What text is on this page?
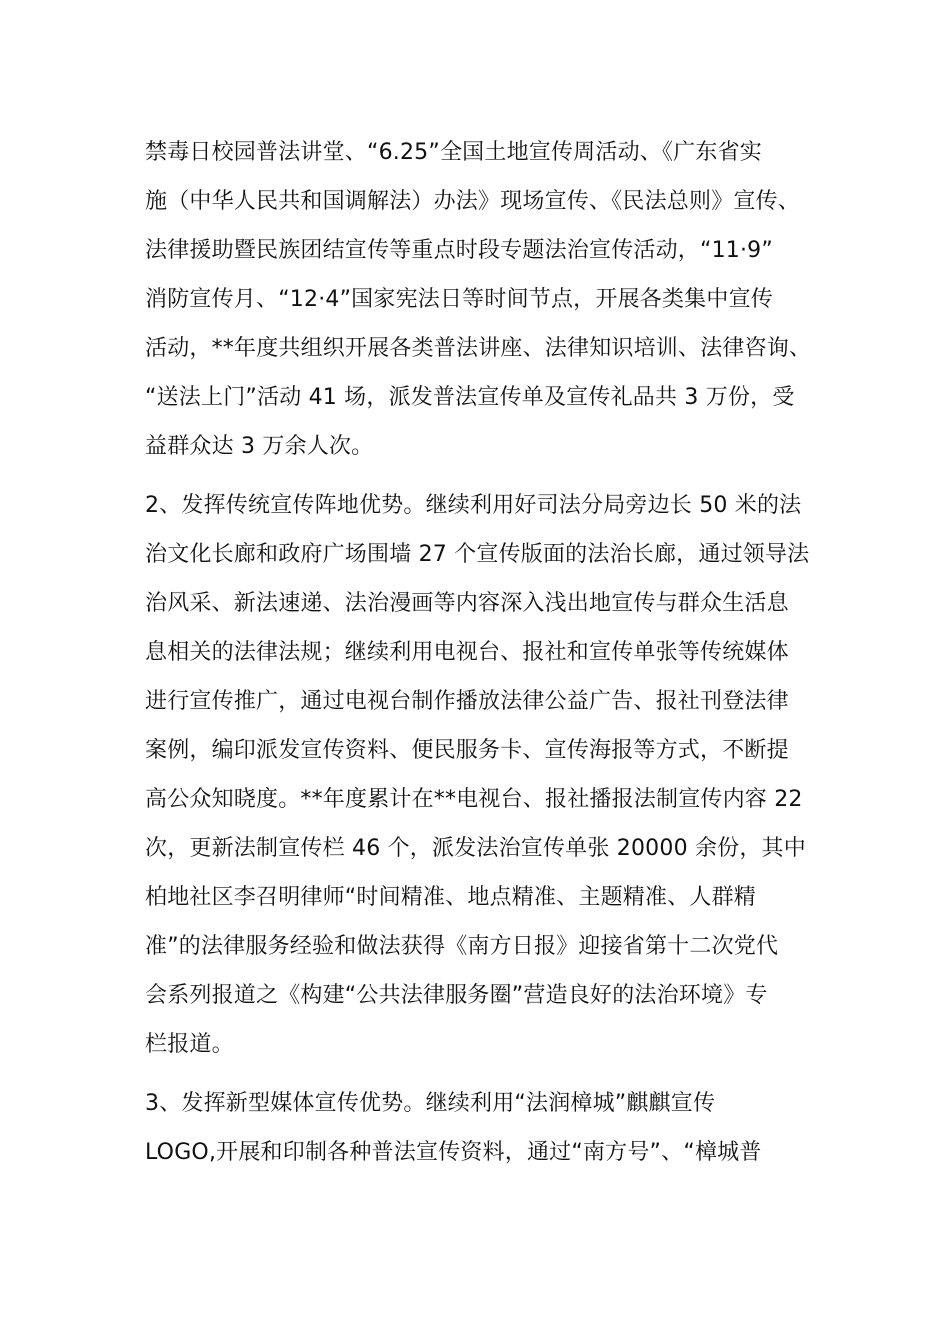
禁毒日校园普法讲堂、“6.25”全国土地宣传周活动、《广东省实
施（中华人民共和国调解法）办法》现场宣传、《民法总则》宣传、
法律援助暨民族团结宣传等重点时段专题法治宣传活动，“11·9”
消防宣传月、“12·4”国家宪法日等时间节点，开展各类集中宣传
活动，**年度共组织开展各类普法讲座、法律知识培训、法律咨询、
“送法上门”活动 41 场，派发普法宣传单及宣传礼品共 3 万份，受
益群众达 3 万余人次。
2、发挥传统宣传阵地优势。继续利用好司法分局旁边长 50 米的法
治文化长廊和政府广场围墙 27 个宣传版面的法治长廊，通过领导法
治风采、新法速递、法治漫画等内容深入浅出地宣传与群众生活息
息相关的法律法规；继续利用电视台、报社和宣传单张等传统媒体
进行宣传推广，通过电视台制作播放法律公益广告、报社刊登法律
案例，编印派发宣传资料、便民服务卡、宣传海报等方式，不断提
高公众知晓度。**年度累计在**电视台、报社播报法制宣传内容 22
次，更新法制宣传栏 46 个，派发法治宣传单张 20000 余份，其中
柏地社区李召明律师“时间精准、地点精准、主题精准、人群精
准”的法律服务经验和做法获得《南方日报》迎接省第十二次党代
会系列报道之《构建“公共法律服务圈”营造良好的法治环境》专
栏报道。
3、发挥新型媒体宣传优势。继续利用“法润樟城”麒麒宣传
LOGO,开展和印制各种普法宣传资料，通过“南方号”、“樟城普
